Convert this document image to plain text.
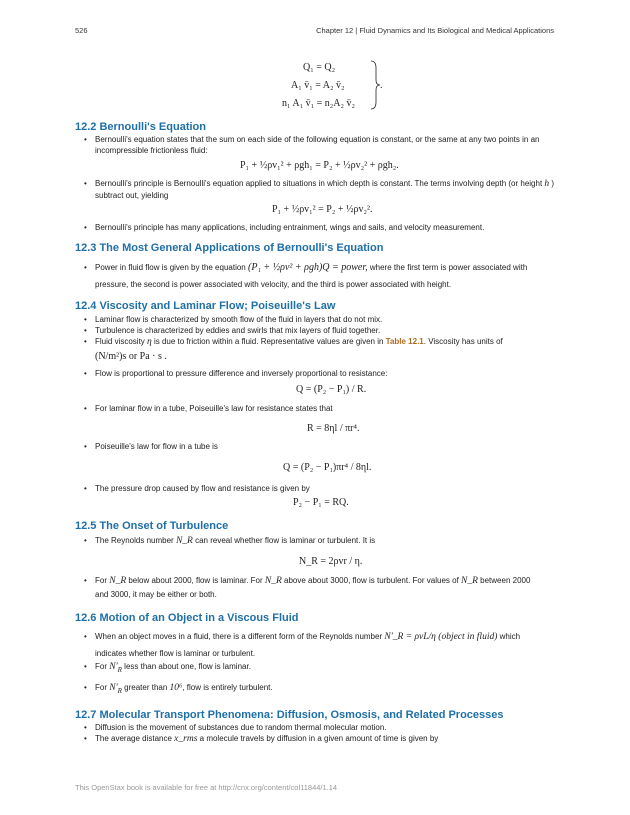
526	Chapter 12 | Fluid Dynamics and Its Biological and Medical Applications
Q₁ = Q₂
A₁ v̄₁ = A₂ v̄₂
n₁ A₁ v̄₁ = n₂A₂ v̄₂
.
12.2 Bernoulli's Equation
• Bernoulli's equation states that the sum on each side of the following equation is constant, or the same at any two points in an incompressible frictionless fluid:
P₁ + ½ρv₁² + ρgh₁ = P₂ + ½ρv₂² + ρgh₂.
• Bernoulli's principle is Bernoulli's equation applied to situations in which depth is constant. The terms involving depth (or height h ) subtract out, yielding
P₁ + ½ρv₁² = P₂ + ½ρv₂².
• Bernoulli's principle has many applications, including entrainment, wings and sails, and velocity measurement.
12.3 The Most General Applications of Bernoulli's Equation
• Power in fluid flow is given by the equation (P₁ + ½ρv² + ρgh)Q = power, where the first term is power associated with
pressure, the second is power associated with velocity, and the third is power associated with height.
12.4 Viscosity and Laminar Flow; Poiseuille's Law
• Laminar flow is characterized by smooth flow of the fluid in layers that do not mix.
• Turbulence is characterized by eddies and swirls that mix layers of fluid together.
• Fluid viscosity η is due to friction within a fluid. Representative values are given in Table 12.1. Viscosity has units of
(N/m²)s or Pa · s .
• Flow is proportional to pressure difference and inversely proportional to resistance:
Q = (P₂ − P₁) / R.
• For laminar flow in a tube, Poiseuille's law for resistance states that
R = 8ηl / πr⁴.
• Poiseuille's law for flow in a tube is
Q = (P₂ − P₁)πr⁴ / 8ηl.
• The pressure drop caused by flow and resistance is given by
P₂ − P₁ = RQ.
12.5 The Onset of Turbulence
• The Reynolds number N_R can reveal whether flow is laminar or turbulent. It is
N_R = 2ρvr / η.
• For N_R below about 2000, flow is laminar. For N_R above about 3000, flow is turbulent. For values of N_R between 2000
and 3000, it may be either or both.
12.6 Motion of an Object in a Viscous Fluid
• When an object moves in a fluid, there is a different form of the Reynolds number N′_R = ρvL/η (object in fluid) which
indicates whether flow is laminar or turbulent.
• For $N'_R$ less than about one, flow is laminar.
• For $N'_R$ greater than 10⁶, flow is entirely turbulent.
12.7 Molecular Transport Phenomena: Diffusion, Osmosis, and Related Processes
• Diffusion is the movement of substances due to random thermal molecular motion.
• The average distance x_rms a molecule travels by diffusion in a given amount of time is given by
This OpenStax book is available for free at http://cnx.org/content/col11844/1.14
